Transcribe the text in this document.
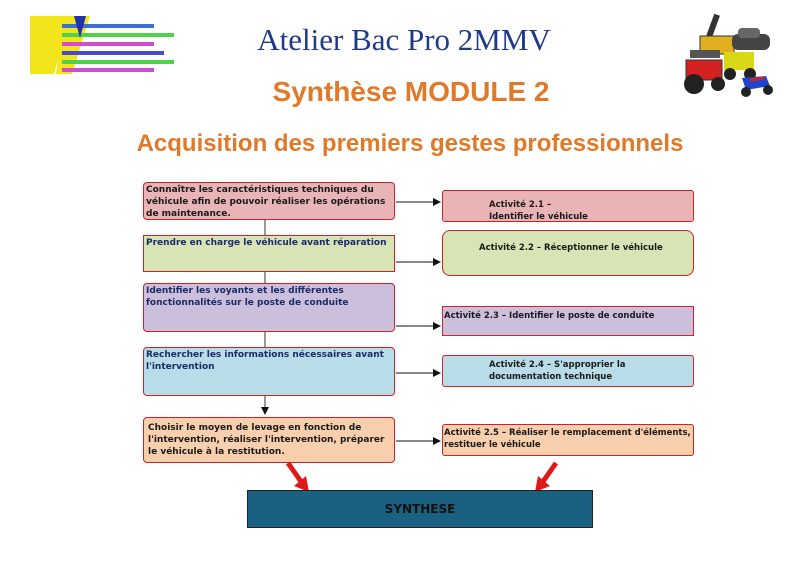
Atelier Bac Pro 2MMV
Synthèse MODULE 2
Acquisition des premiers gestes professionnels
Connaître les caractéristiques techniques du véhicule afin de pouvoir réaliser les opérations de maintenance.
Prendre en charge le véhicule avant réparation
Identifier les voyants et les différentes fonctionnalités sur le poste de conduite
Rechercher les informations nécessaires avant l'intervention
Choisir le moyen de levage en fonction de l'intervention, réaliser l'intervention, préparer le véhicule à la restitution.
Activité 2.1 – Identifier le véhicule
Activité 2.2 – Réceptionner le véhicule
Activité 2.3 – Identifier le poste de conduite
Activité 2.4 – S'approprier la documentation technique
Activité 2.5 – Réaliser le remplacement d'éléments, restituer le véhicule
SYNTHESE
